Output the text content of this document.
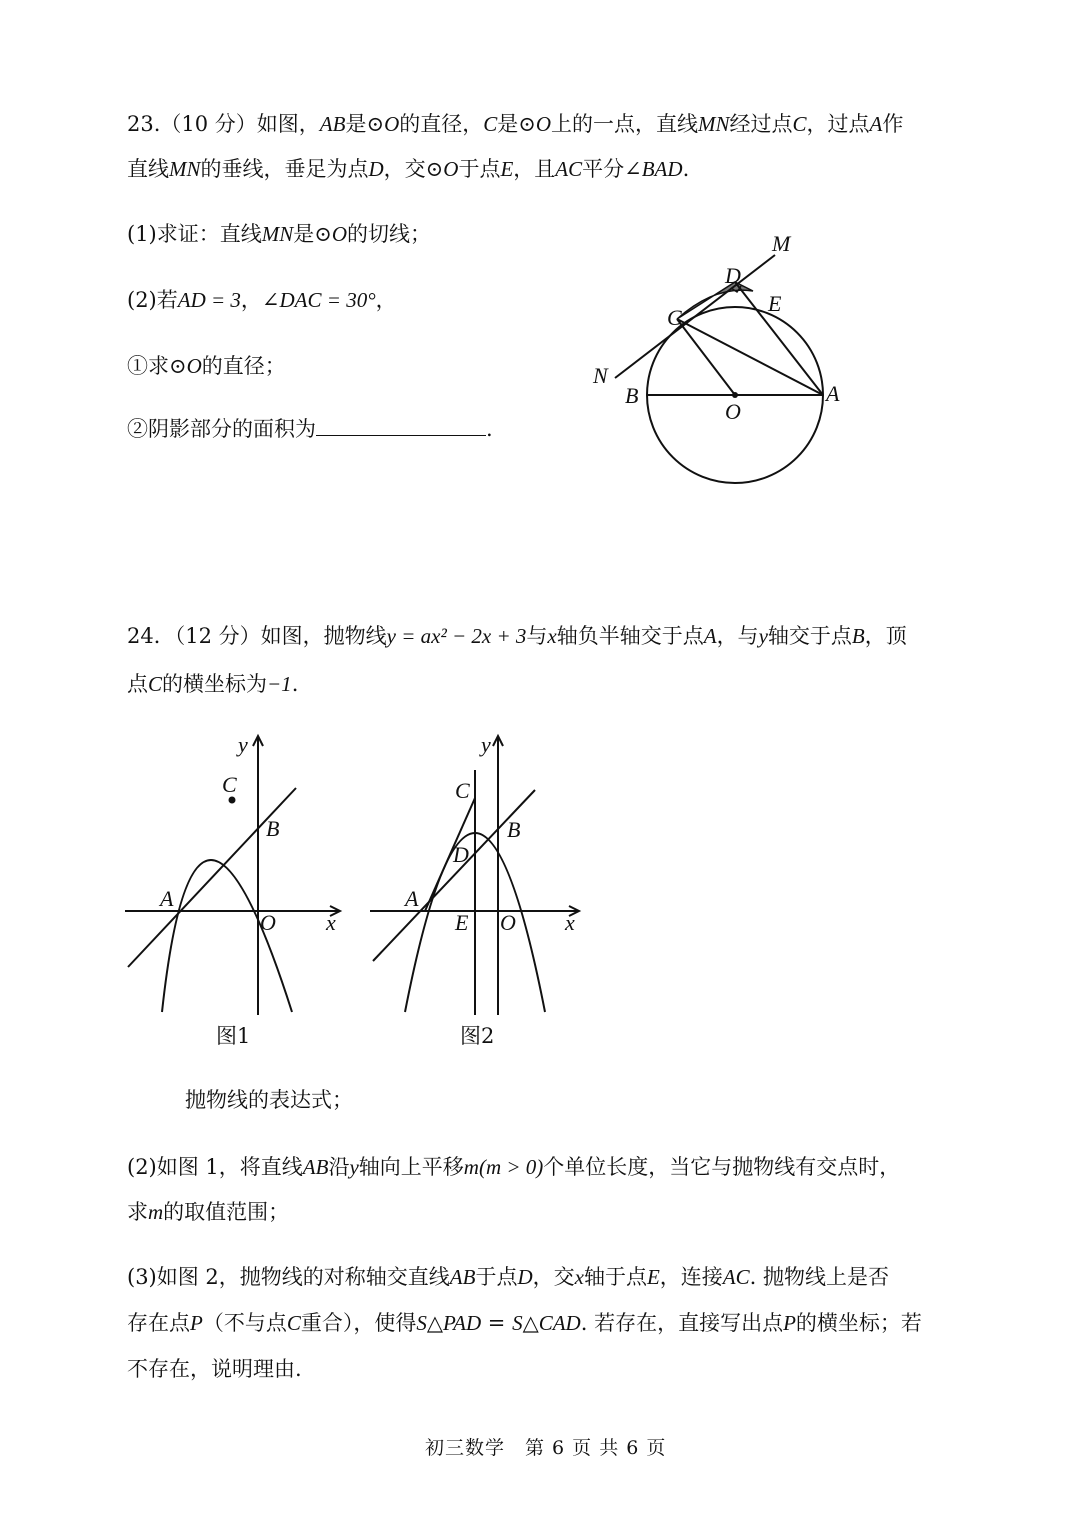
23.（10 分）如图，AB是⊙O的直径，C是⊙O上的一点，直线MN经过点C，过点A作
直线MN的垂线，垂足为点D，交⊙O于点E，且AC平分∠BAD.
(1)求证：直线MN是⊙O的切线；
(2)若AD = 3，∠DAC = 30°，
①求⊙O的直径；
②阴影部分的面积为	.
M
D
E
C
N
B
O
A
24．（12 分）如图，抛物线y = ax² − 2x + 3与x轴负半轴交于点A，与y轴交于点B，顶
点C的横坐标为−1.
y
C
B
A
O x
图1
y
C
B
D
A
E O x
图2
抛物线的表达式；
(2)如图 1，将直线AB沿y轴向上平移m(m > 0)个单位长度，当它与抛物线有交点时，
求m的取值范围；
(3)如图 2，抛物线的对称轴交直线AB于点D，交x轴于点E，连接AC. 抛物线上是否
存在点P（不与点C重合），使得S△PAD = S△CAD. 若存在，直接写出点P的横坐标；若
不存在，说明理由.
初三数学　第 6 页 共 6 页
